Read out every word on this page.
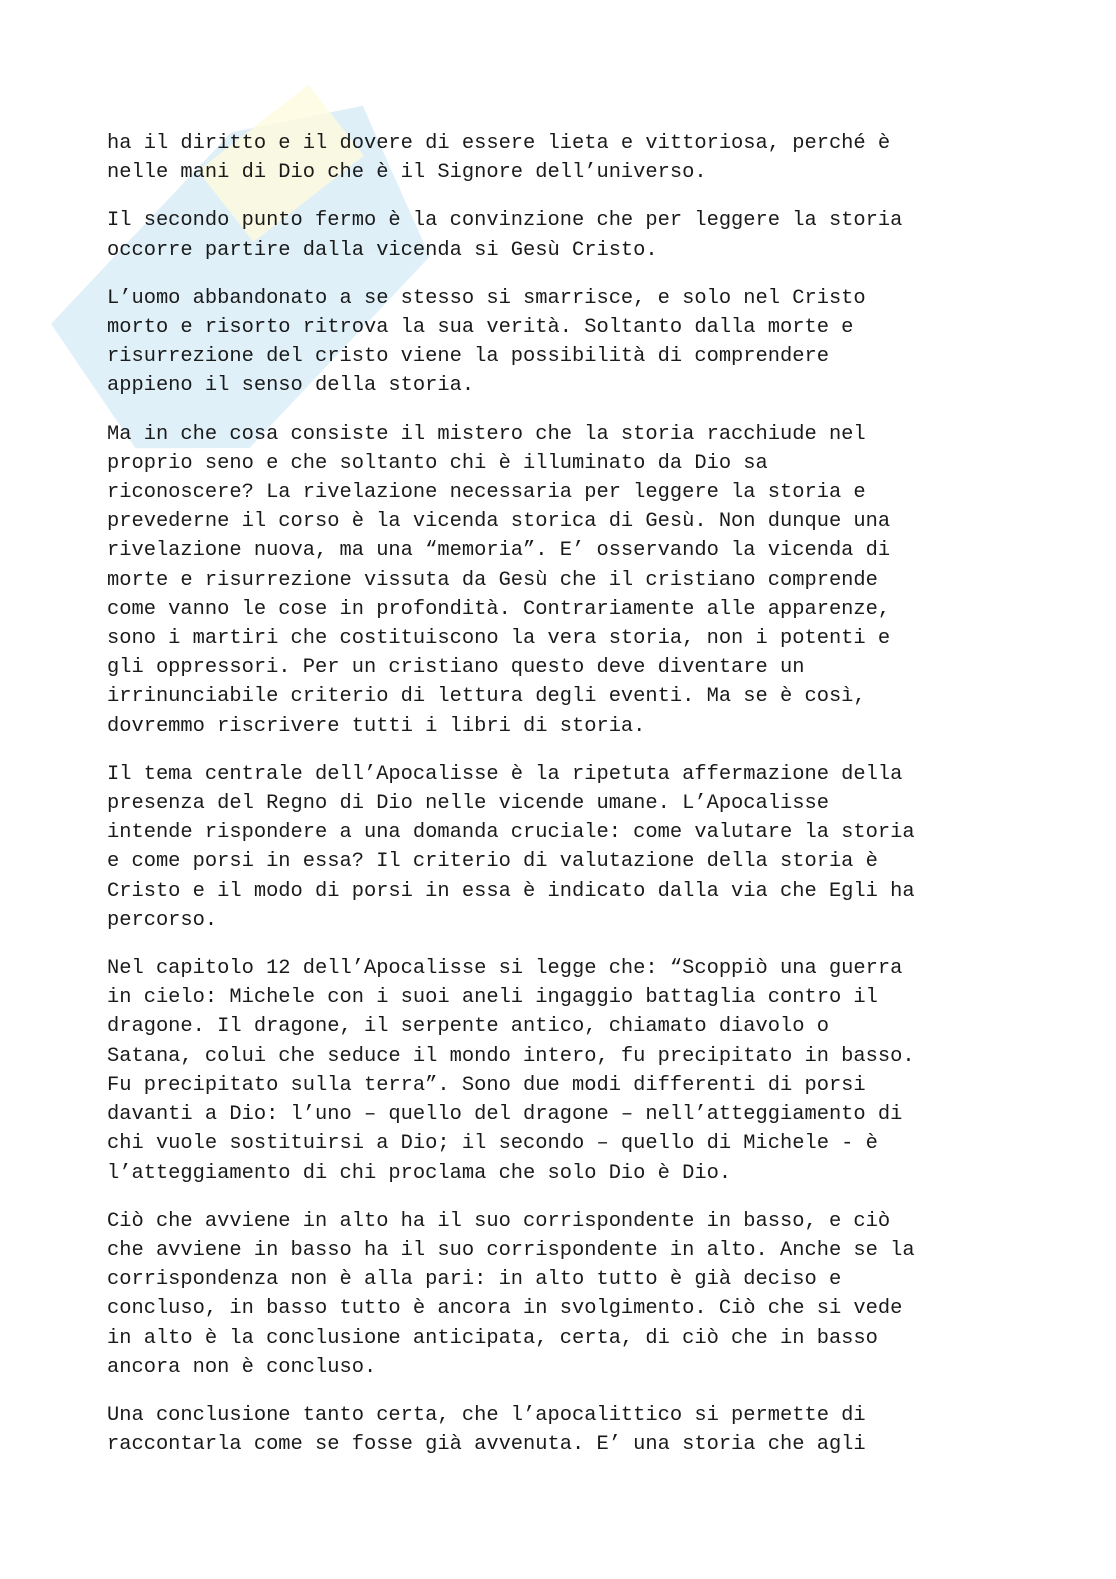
ha il diritto e il dovere di essere lieta e vittoriosa, perché è
nelle mani di Dio che è il Signore dell’universo.
Il secondo punto fermo è la convinzione che per leggere la storia
occorre partire dalla vicenda si Gesù Cristo.
L’uomo abbandonato a se stesso si smarrisce, e solo nel Cristo
morto e risorto ritrova la sua verità. Soltanto dalla morte e
risurrezione del cristo viene la possibilità di comprendere
appieno il senso della storia.
Ma in che cosa consiste il mistero che la storia racchiude nel
proprio seno e che soltanto chi è illuminato da Dio sa
riconoscere? La rivelazione necessaria per leggere la storia e
prevederne il corso è la vicenda storica di Gesù. Non dunque una
rivelazione nuova, ma una “memoria”. E’ osservando la vicenda di
morte e risurrezione vissuta da Gesù che il cristiano comprende
come vanno le cose in profondità. Contrariamente alle apparenze,
sono i martiri che costituiscono la vera storia, non i potenti e
gli oppressori. Per un cristiano questo deve diventare un
irrinunciabile criterio di lettura degli eventi. Ma se è così,
dovremmo riscrivere tutti i libri di storia.
Il tema centrale dell’Apocalisse è la ripetuta affermazione della
presenza del Regno di Dio nelle vicende umane. L’Apocalisse
intende rispondere a una domanda cruciale: come valutare la storia
e come porsi in essa? Il criterio di valutazione della storia è
Cristo e il modo di porsi in essa è indicato dalla via che Egli ha
percorso.
Nel capitolo 12 dell’Apocalisse si legge che: “Scoppiò una guerra
in cielo: Michele con i suoi aneli ingaggio battaglia contro il
dragone. Il dragone, il serpente antico, chiamato diavolo o
Satana, colui che seduce il mondo intero, fu precipitato in basso.
Fu precipitato sulla terra”. Sono due modi differenti di porsi
davanti a Dio: l’uno – quello del dragone – nell’atteggiamento di
chi vuole sostituirsi a Dio; il secondo – quello di Michele - è
l’atteggiamento di chi proclama che solo Dio è Dio.
Ciò che avviene in alto ha il suo corrispondente in basso, e ciò
che avviene in basso ha il suo corrispondente in alto. Anche se la
corrispondenza non è alla pari: in alto tutto è già deciso e
concluso, in basso tutto è ancora in svolgimento. Ciò che si vede
in alto è la conclusione anticipata, certa, di ciò che in basso
ancora non è concluso.
Una conclusione tanto certa, che l’apocalittico si permette di
raccontarla come se fosse già avvenuta. E’ una storia che agli
